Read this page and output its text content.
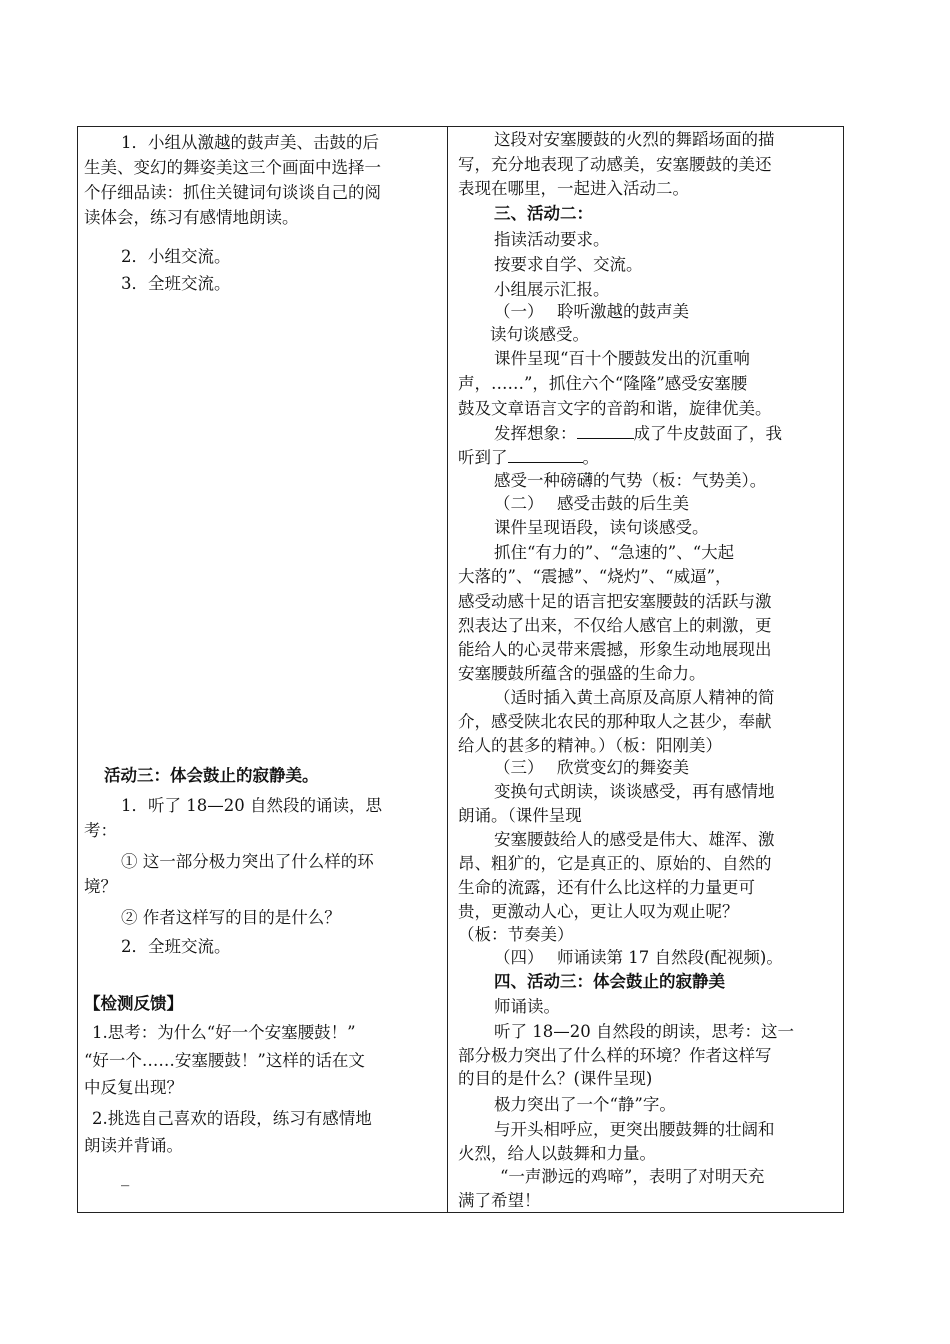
1．小组从激越的鼓声美、击鼓的后
生美、变幻的舞姿美这三个画面中选择一
个仔细品读：抓住关键词句谈谈自己的阅
读体会，练习有感情地朗读。
2．小组交流。
3．全班交流。
活动三：体会鼓止的寂静美。
1．听了 18—20 自然段的诵读，思
考：
① 这一部分极力突出了什么样的环
境？
② 作者这样写的目的是什么？
2．全班交流。
【检测反馈】
1.思考：为什么“好一个安塞腰鼓！”
“好一个……安塞腰鼓！”这样的话在文
中反复出现？
2.挑选自己喜欢的语段，练习有感情地
朗读并背诵。
_
这段对安塞腰鼓的火烈的舞蹈场面的描
写，充分地表现了动感美，安塞腰鼓的美还
表现在哪里，一起进入活动二。
三、活动二：
指读活动要求。
按要求自学、交流。
小组展示汇报。
（一）　 聆听激越的鼓声美
读句谈感受。
课件呈现“百十个腰鼓发出的沉重响
声，……”，抓住六个“隆隆”感受安塞腰
鼓及文章语言文字的音韵和谐，旋律优美。
发挥想象：	成了牛皮鼓面了，我
听到了	。
感受一种磅礴的气势（板：气势美）。
（二）　 感受击鼓的后生美
课件呈现语段，读句谈感受。
抓住“有力的”、“急速的”、“大起
大落的”、“震撼”、“烧灼”、“威逼”，
感受动感十足的语言把安塞腰鼓的活跃与激
烈表达了出来，不仅给人感官上的刺激，更
能给人的心灵带来震撼，形象生动地展现出
安塞腰鼓所蕴含的强盛的生命力。
（适时插入黄土高原及高原人精神的简
介，感受陕北农民的那种取人之甚少，奉献
给人的甚多的精神。）（板：阳刚美）
（三）　 欣赏变幻的舞姿美
变换句式朗读，谈谈感受，再有感情地
朗诵。（课件呈现
安塞腰鼓给人的感受是伟大、雄浑、激
昂、粗犷的，它是真正的、原始的、自然的
生命的流露，还有什么比这样的力量更可
贵，更激动人心，更让人叹为观止呢？
（板：节奏美）
（四）　 师诵读第 17 自然段(配视频)。
四、活动三：体会鼓止的寂静美
师诵读。
听了 18—20 自然段的朗读，思考：这一
部分极力突出了什么样的环境？作者这样写
的目的是什么？(课件呈现)
极力突出了一个“静”字。
与开头相呼应，更突出腰鼓舞的壮阔和
火烈，给人以鼓舞和力量。
“一声渺远的鸡啼”，表明了对明天充
满了希望！
